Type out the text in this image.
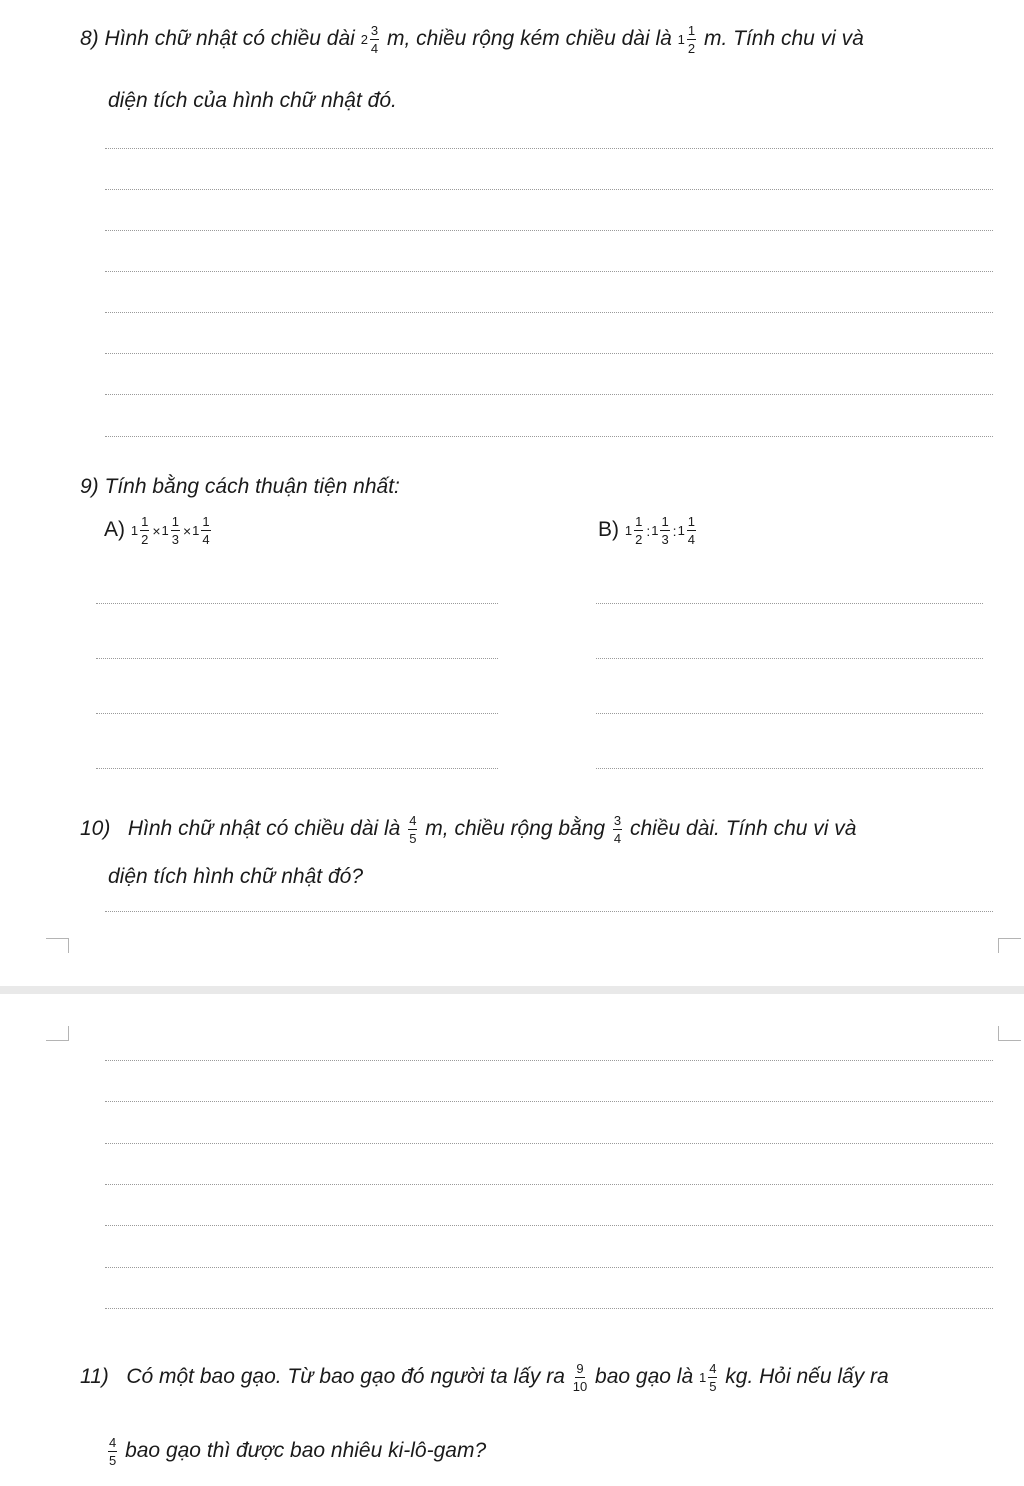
8) Hình chữ nhật có chiều dài $2 \frac{3}{4} m$, chiều rộng kém chiều dài là $1 \frac{1}{2} m$. Tính chu vi và
diện tích của hình chữ nhật đó.
9) Tính bằng cách thuận tiện nhất:
A) $1 \frac{1}{2} \times 1 \frac{1}{3} \times 1 \frac{1}{4}$	B) $1 \frac{1}{2}$ :1 $\frac{1}{3}$ :1 $\frac{1}{4}$
10) Hình chữ nhật có chiều dài là $\frac{4}{5} m$, chiều rộng bằng $\frac{3}{4}$ chiều dài. Tính chu vi và
diện tích hình chữ nhật đó?
11) Có một bao gạo. Từ bao gạo đó người ta lấy ra $\frac{9}{10}$ bao gạo là $1 \frac{4}{5}$ kg. Hỏi nếu lấy ra
$\frac{4}{5}$ bao gạo thì được bao nhiêu ki-lô-gam?
